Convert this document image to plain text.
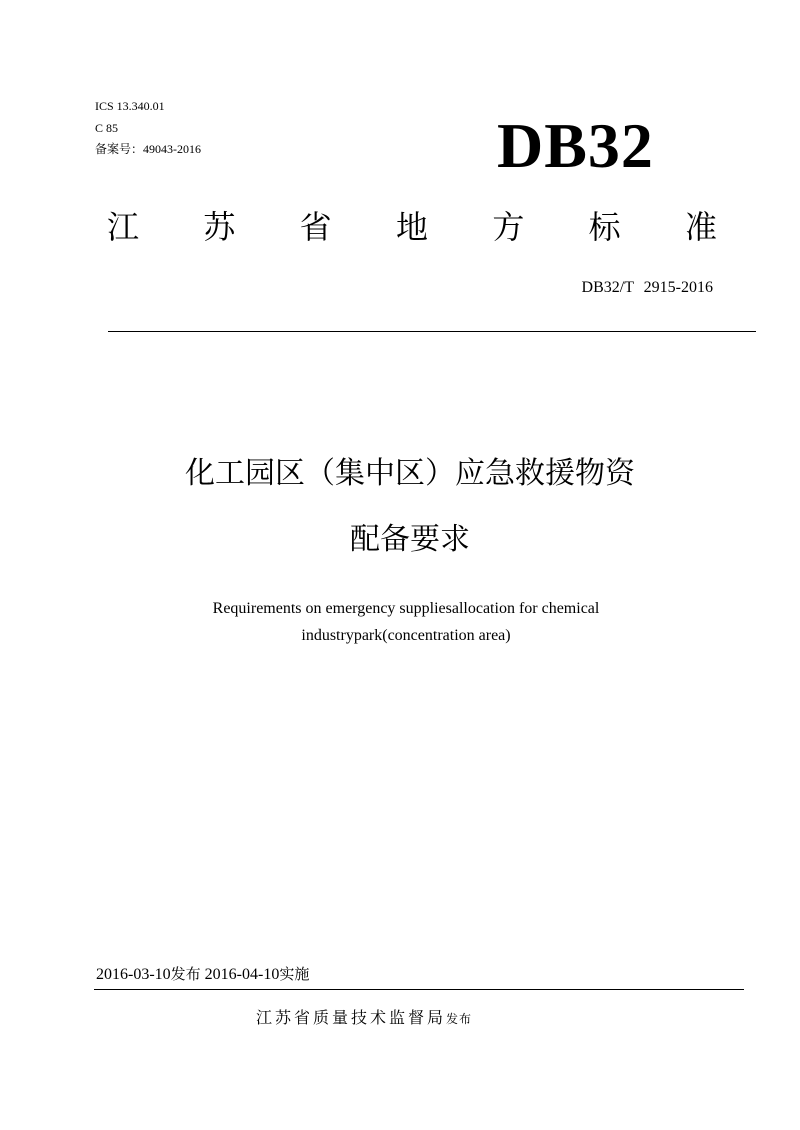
ICS 13.340.01
C 85
备案号：49043-2016	DB32
江 苏 省 地 方 标 准
DB32/T 2915-2016
化工园区（集中区）应急救援物资
配备要求
Requirements on emergency suppliesallocation for chemical
industrypark(concentration area)
2016-03-10发布 2016-04-10实施
江苏省质量技术监督局发布
